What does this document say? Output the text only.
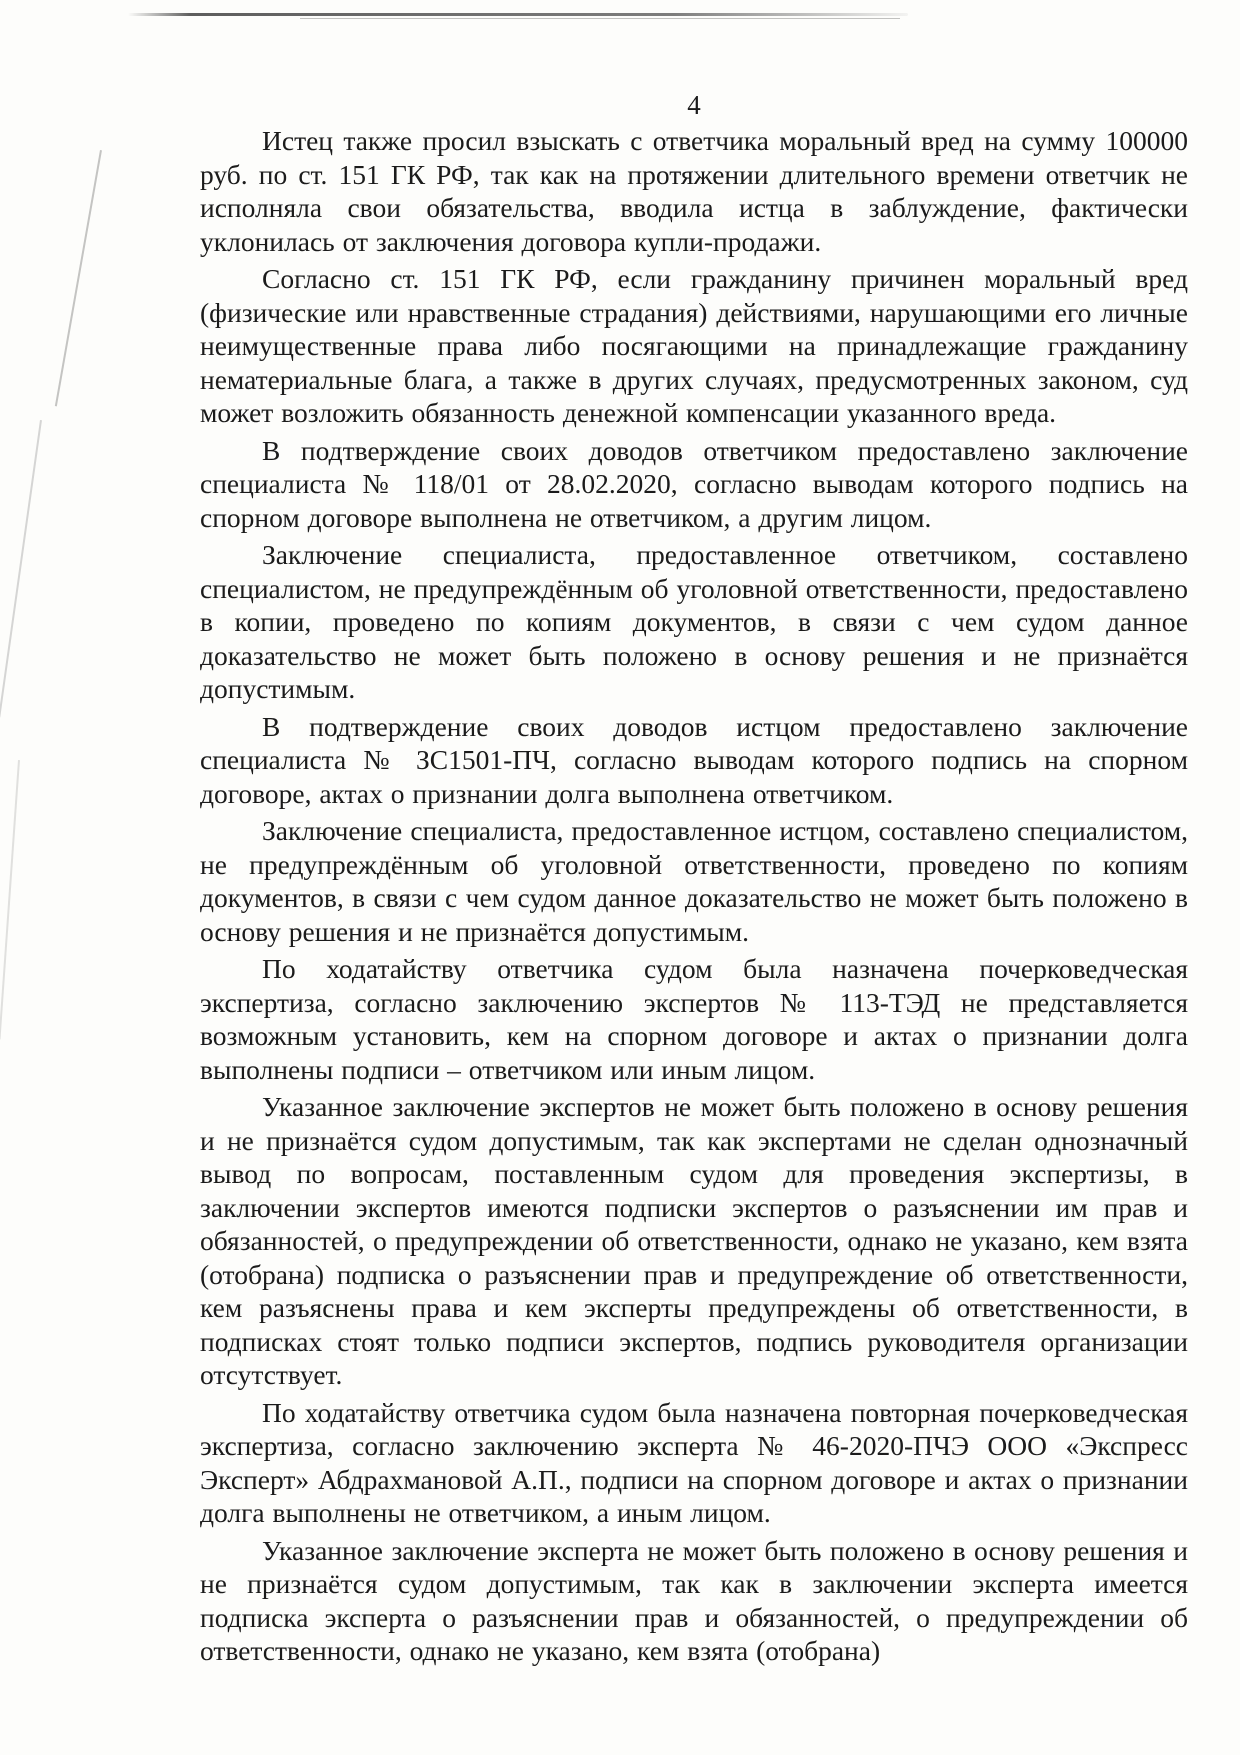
4

Истец также просил взыскать с ответчика моральный вред на сумму 100000 руб. по ст. 151 ГК РФ, так как на протяжении длительного времени ответчик не исполняла свои обязательства, вводила истца в заблуждение, фактически уклонилась от заключения договора купли-продажи.

Согласно ст. 151 ГК РФ, если гражданину причинен моральный вред (физические или нравственные страдания) действиями, нарушающими его личные неимущественные права либо посягающими на принадлежащие гражданину нематериальные блага, а также в других случаях, предусмотренных законом, суд может возложить обязанность денежной компенсации указанного вреда.

В подтверждение своих доводов ответчиком предоставлено заключение специалиста № 118/01 от 28.02.2020, согласно выводам которого подпись на спорном договоре выполнена не ответчиком, а другим лицом.

Заключение специалиста, предоставленное ответчиком, составлено специалистом, не предупреждённым об уголовной ответственности, предоставлено в копии, проведено по копиям документов, в связи с чем судом данное доказательство не может быть положено в основу решения и не признаётся допустимым.

В подтверждение своих доводов истцом предоставлено заключение специалиста № ЗС1501-ПЧ, согласно выводам которого подпись на спорном договоре, актах о признании долга выполнена ответчиком.

Заключение специалиста, предоставленное истцом, составлено специалистом, не предупреждённым об уголовной ответственности, проведено по копиям документов, в связи с чем судом данное доказательство не может быть положено в основу решения и не признаётся допустимым.

По ходатайству ответчика судом была назначена почерковедческая экспертиза, согласно заключению экспертов № 113-ТЭД не представляется возможным установить, кем на спорном договоре и актах о признании долга выполнены подписи – ответчиком или иным лицом.

Указанное заключение экспертов не может быть положено в основу решения и не признаётся судом допустимым, так как экспертами не сделан однозначный вывод по вопросам, поставленным судом для проведения экспертизы, в заключении экспертов имеются подписки экспертов о разъяснении им прав и обязанностей, о предупреждении об ответственности, однако не указано, кем взята (отобрана) подписка о разъяснении прав и предупреждение об ответственности, кем разъяснены права и кем эксперты предупреждены об ответственности, в подписках стоят только подписи экспертов, подпись руководителя организации отсутствует.

По ходатайству ответчика судом была назначена повторная почерковедческая экспертиза, согласно заключению эксперта № 46-2020-ПЧЭ ООО «Экспресс Эксперт» Абдрахмановой А.П., подписи на спорном договоре и актах о признании долга выполнены не ответчиком, а иным лицом.

Указанное заключение эксперта не может быть положено в основу решения и не признаётся судом допустимым, так как в заключении эксперта имеется подписка эксперта о разъяснении прав и обязанностей, о предупреждении об ответственности, однако не указано, кем взята (отобрана)
